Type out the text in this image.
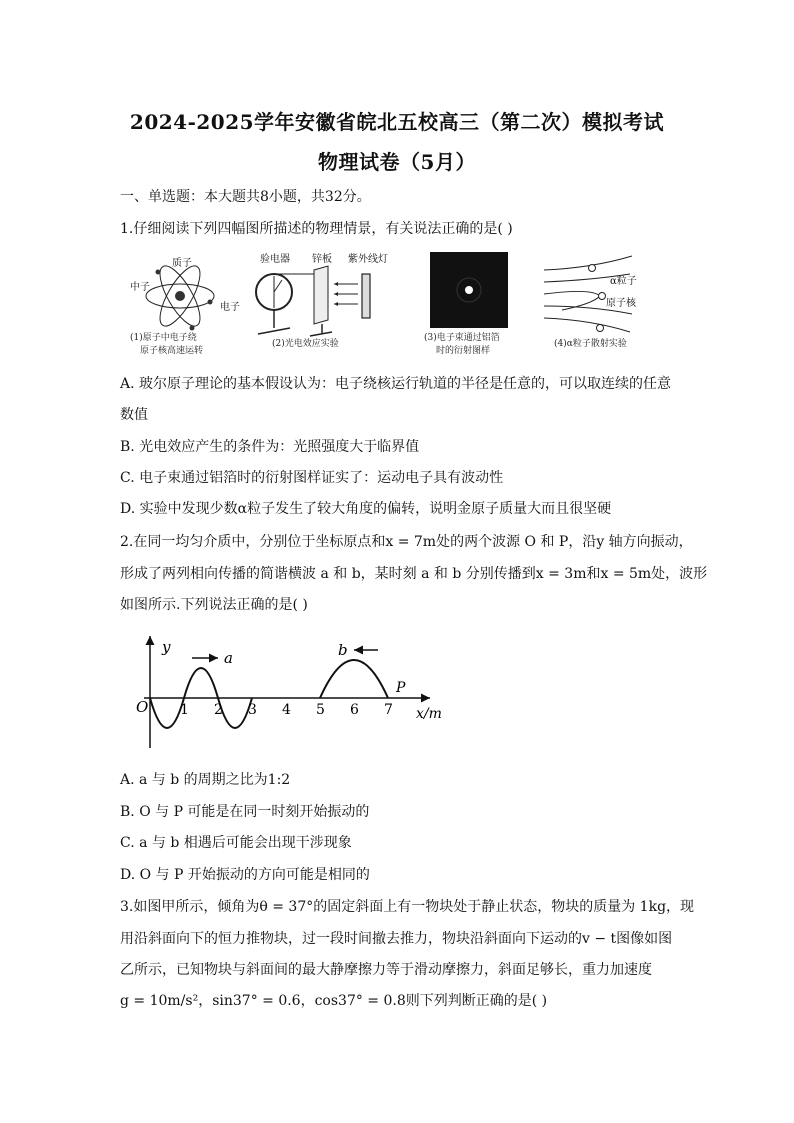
2024-2025学年安徽省皖北五校高三（第二次）模拟考试
物理试卷（5月）
一、单选题：本大题共8小题，共32分。
1.仔细阅读下列四幅图所描述的物理情景，有关说法正确的是( )
质子
中子
电子
(1)原子中电子绕
原子核高速运转
验电器 锌板 紫外线灯
(2)光电效应实验
(3)电子束通过铝箔
时的衍射图样
α粒子
原子核
(4)α粒子散射实验
A. 玻尔原子理论的基本假设认为：电子绕核运行轨道的半径是任意的，可以取连续的任意
数值
B. 光电效应产生的条件为：光照强度大于临界值
C. 电子束通过铝箔时的衍射图样证实了：运动电子具有波动性
D. 实验中发现少数α粒子发生了较大角度的偏转，说明金原子质量大而且很坚硬
2.在同一均匀介质中，分别位于坐标原点和x = 7m处的两个波源 O 和 P，沿y 轴方向振动，
形成了两列相向传播的简谐横波 a 和 b，某时刻 a 和 b 分别传播到x = 3m和x = 5m处，波形
如图所示.下列说法正确的是( )
y
O	x/m
a	b
P
1 2 3 4 5 6 7
A. a 与 b 的周期之比为1:2
B. O 与 P 可能是在同一时刻开始振动的
C. a 与 b 相遇后可能会出现干涉现象
D. O 与 P 开始振动的方向可能是相同的
3.如图甲所示，倾角为θ = 37°的固定斜面上有一物块处于静止状态，物块的质量为 1kg，现
用沿斜面向下的恒力推物块，过一段时间撤去推力，物块沿斜面向下运动的v − t图像如图
乙所示，已知物块与斜面间的最大静摩擦力等于滑动摩擦力，斜面足够长，重力加速度
g = 10m/s²，sin37° = 0.6，cos37° = 0.8则下列判断正确的是( )
